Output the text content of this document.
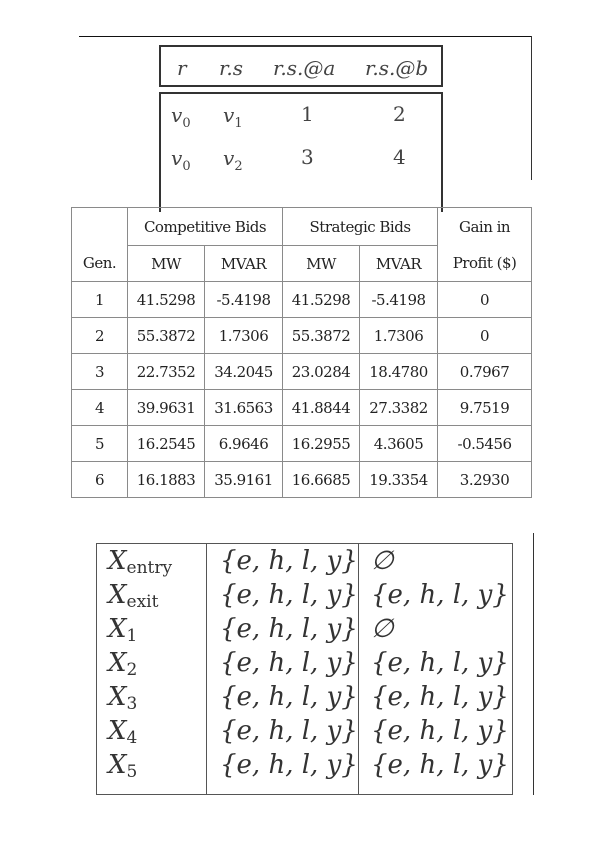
r r.s r.s.@a r.s.@b
$v_0$ $v_1$	1	2
$v_0$ $v_2$	3	4
	Competitive Bids		Strategic Bids		Gain in
Gen.	MW	MVAR	MW	MVAR	Profit ($)
1	41.5298	-5.4198	41.5298	-5.4198	0
2	55.3872	1.7306	55.3872	1.7306	0
3	22.7352	34.2045	23.0284	18.4780	0.7967
4	39.9631	31.6563	41.8844	27.3382	9.7519
5	16.2545	6.9646	16.2955	4.3605	-0.5456
6	16.1883	35.9161	16.6685	19.3354	3.2930
$X_{entry}$ {e, h, l, y} ∅
$X_{exit}$ {e, h, l, y} {e, h, l, y}
$X_1$	{e, h, l, y} ∅
$X_2$	{e, h, l, y} {e, h, l, y}
$X_3$	{e, h, l, y} {e, h, l, y}
$X_4$	{e, h, l, y} {e, h, l, y}
$X_5$	{e, h, l, y} {e, h, l, y}
